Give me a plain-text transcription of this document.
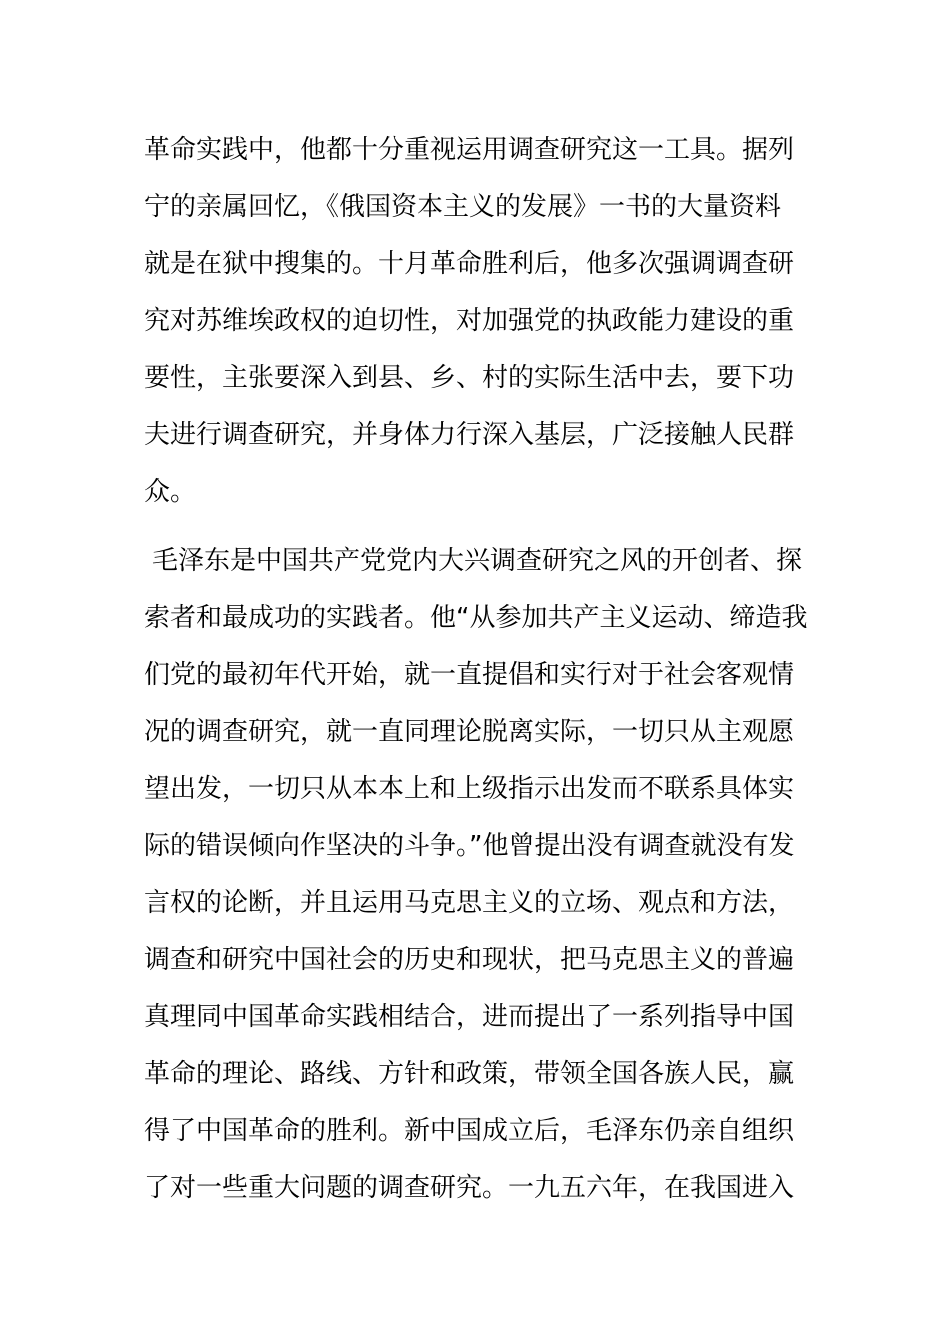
革命实践中，他都十分重视运用调查研究这一工具。据列
宁的亲属回忆，《俄国资本主义的发展》一书的大量资料
就是在狱中搜集的。十月革命胜利后，他多次强调调查研
究对苏维埃政权的迫切性，对加强党的执政能力建设的重
要性，主张要深入到县、乡、村的实际生活中去，要下功
夫进行调查研究，并身体力行深入基层，广泛接触人民群
众。
毛泽东是中国共产党党内大兴调查研究之风的开创者、探
索者和最成功的实践者。他“从参加共产主义运动、缔造我
们党的最初年代开始，就一直提倡和实行对于社会客观情
况的调查研究，就一直同理论脱离实际，一切只从主观愿
望出发，一切只从本本上和上级指示出发而不联系具体实
际的错误倾向作坚决的斗争。”他曾提出没有调查就没有发
言权的论断，并且运用马克思主义的立场、观点和方法，
调查和研究中国社会的历史和现状，把马克思主义的普遍
真理同中国革命实践相结合，进而提出了一系列指导中国
革命的理论、路线、方针和政策，带领全国各族人民，赢
得了中国革命的胜利。新中国成立后，毛泽东仍亲自组织
了对一些重大问题的调查研究。一九五六年，在我国进入
